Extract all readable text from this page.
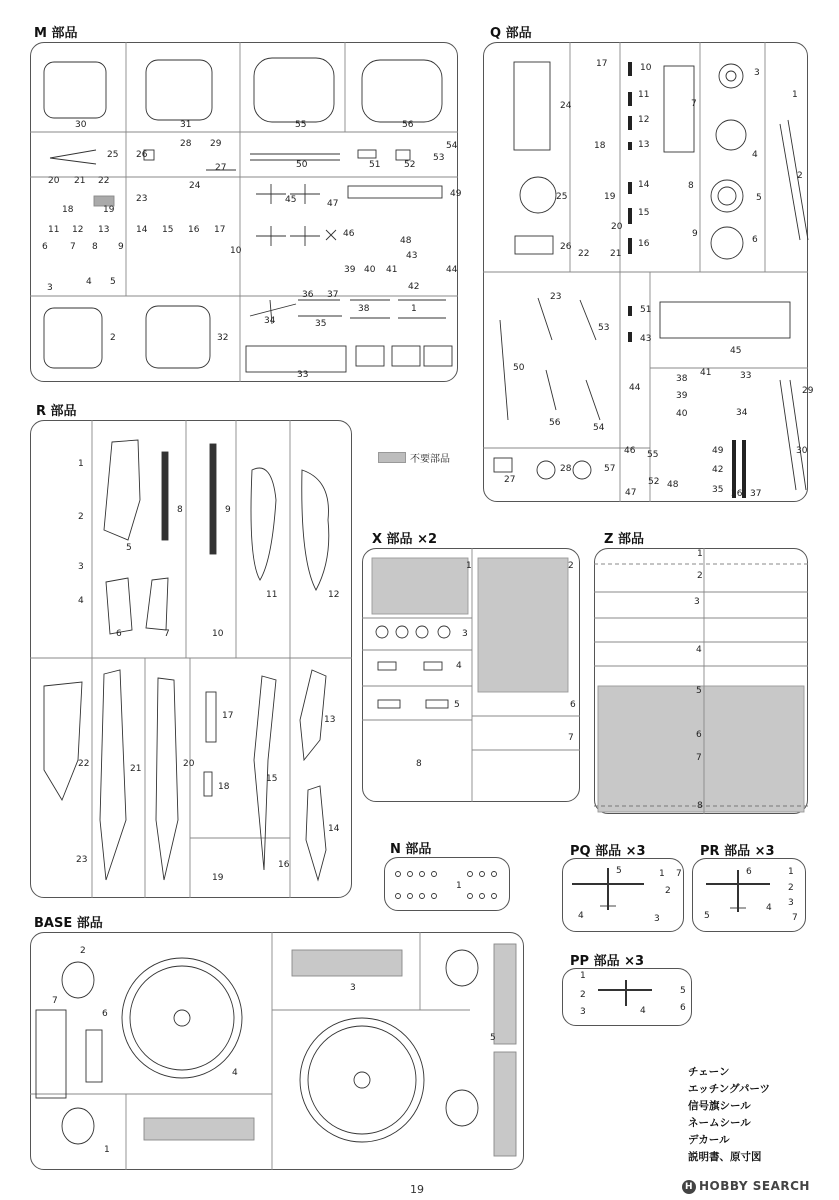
M 部品	Q 部品
R 部品
X 部品 ×2	Z 部品
N 部品	PQ 部品 ×3	PR 部品 ×3
PP 部品 ×3
BASE 部品
30	31	55	56
25 26
28 29
27	50	51	52
54
53
20 21 22
18	19
23
24
49
11 12 13	14 15 16 17
45	47
48
46
6 7 8 9	10
39 40 41
42
43
44
3
4 5
36 37
34	35
38	1
2	32
33
24
17
18
10
11
12
13
14
15
16
7
3
4
1
2
5
6
8
9
25
26
19
20
21
22
23
53
50
56	54
51
43
44
45
38
39
40
41	33
34
29
30
27
28	57
55
52
46
47
48
49
42
35 36 37
1
2
3
4
5
8	9
11	12
6	7	10
22	21	20
17
18
15
13
14
23
19
16
1	2
3
4
5	6
7
8
1
2
3
4
5
6
7
8
1
5	1
2
3
4
7	6	1
2
3
4
5	7
1
2
3	4
5
6
1
2
3
4
5
6
7
不要部品
チェーン
エッチングパーツ
信号旗シール
ネームシール
デカール
説明書、原寸図
19	H HOBBY SEARCH
